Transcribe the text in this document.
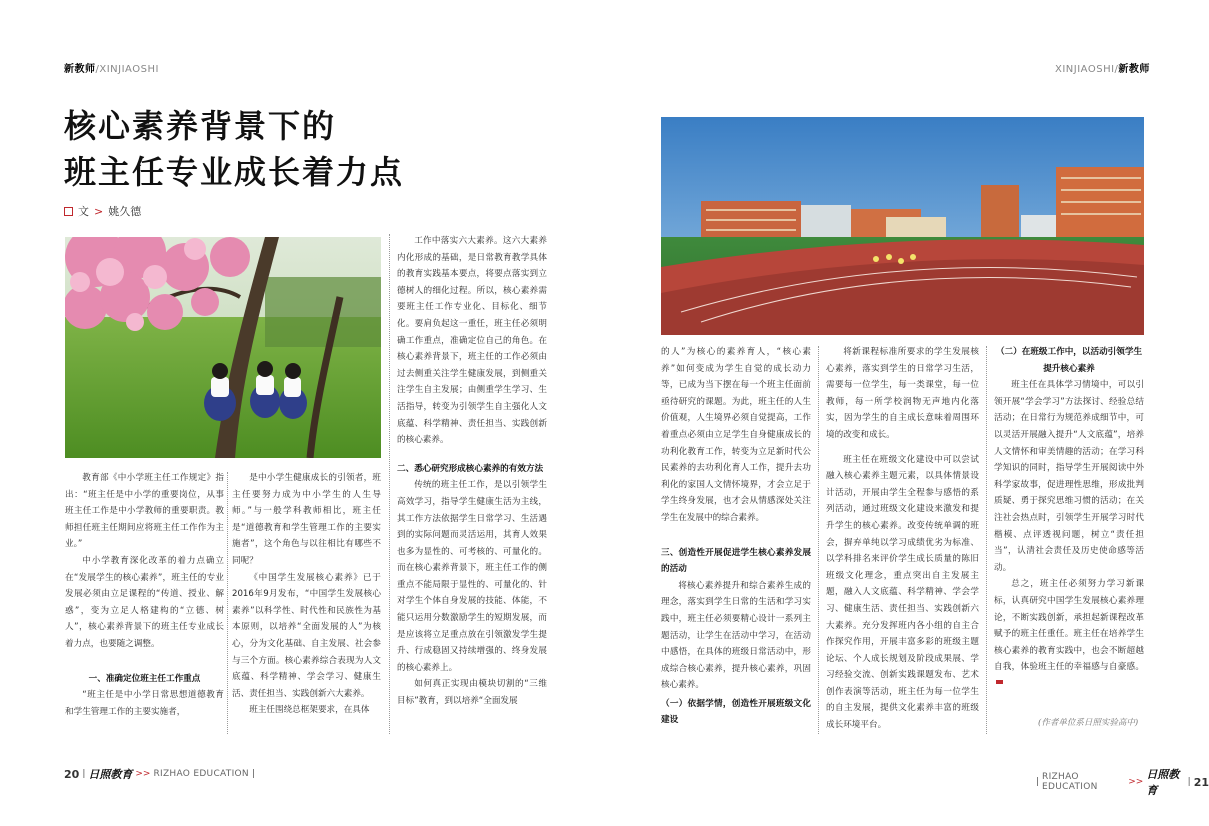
新教师/XINJIAOSHI	XINJIAOSHI/新教师
核心素养背景下的
班主任专业成长着力点
文 > 姚久德

教育部《中小学班主任工作规定》指出：“班主任是中小学的重要岗位，从事班主任工作是中小学教师的重要职责。教师担任班主任期间应将班主任工作作为主业。”

中小学教育深化改革的着力点确立在“发展学生的核心素养”，班主任的专业发展必须由立足课程的“传道、授业、解惑”，变为立足人格建构的“立德、树人”，核心素养背景下的班主任专业成长着力点，也要随之调整。

一、准确定位班主任工作重点

“班主任是中小学日常思想道德教育和学生管理工作的主要实施者，

是中小学生健康成长的引领者，班主任要努力成为中小学生的人生导师。”与一般学科教师相比，班主任是“道德教育和学生管理工作的主要实施者”，这个角色与以往相比有哪些不同呢？

《中国学生发展核心素养》已于2016年9月发布，“中国学生发展核心素养”以科学性、时代性和民族性为基本原则，以培养“全面发展的人”为核心，分为文化基础、自主发展、社会参与三个方面。核心素养综合表现为人文底蕴、科学精神、学会学习、健康生活、责任担当、实践创新六大素养。

班主任围绕总框架要求，在具体

工作中落实六大素养。这六大素养内化形成的基础，是日常教育教学具体的教育实践基本要点，将要点落实到立德树人的细化过程。所以，核心素养需要班主任工作专业化、目标化、细节化。要肩负起这一重任，班主任必须明确工作重点，准确定位自己的角色。在核心素养背景下，班主任的工作必须由过去侧重关注学生健康发展，到侧重关注学生自主发展；由侧重学生学习、生活指导，转变为引领学生自主强化人文底蕴、科学精神、责任担当、实践创新的核心素养。

二、悉心研究形成核心素养的有效方法

传统的班主任工作，是以引领学生高效学习，指导学生健康生活为主线，其工作方法依据学生日常学习、生活遇到的实际问题而灵活运用，其育人效果也多为显性的、可考核的、可量化的。而在核心素养背景下，班主任工作的侧重点不能局限于显性的、可量化的、针对学生个体自身发展的技能、体能，不能只运用分数激励学生的短期发展，而是应该将立足重点放在引领激发学生提升、行成稳固又持续增强的、终身发展的核心素养上。

如何真正实现由模块切割的“三维目标”教育，到以培养“全面发展

的人”为核心的素养育人，“核心素养”如何变成为学生自觉的成长动力等，已成为当下摆在每一个班主任面前亟待研究的课题。为此，班主任的人生价值观，人生境界必须自觉提高，工作着重点必须由立足学生自身健康成长的功利化教育工作，转变为立足新时代公民素养的去功利化育人工作，提升去功利化的家国人文情怀境界，才会立足于学生终身发展，也才会从情感深处关注学生在发展中的综合素养。

三、创造性开展促进学生核心素养发展的活动

将核心素养提升和综合素养生成的理念，落实到学生日常的生活和学习实践中，班主任必须要精心设计一系列主题活动，让学生在活动中学习，在活动中感悟，在具体的班级日常活动中，形成综合核心素养，提升核心素养，巩固核心素养。

（一）依据学情，创造性开展班级文化建设

将新课程标准所要求的学生发展核心素养，落实到学生的日常学习生活，需要每一位学生，每一类课堂，每一位教师，每一所学校润物无声地内化落实，因为学生的自主成长意味着周围环境的改变和成长。

班主任在班级文化建设中可以尝试融入核心素养主题元素，以具体情景设计活动，开展由学生全程参与感悟的系列活动，通过班级文化建设来激发和提升学生的核心素养。改变传统单调的班会，摒弃单纯以学习成绩优劣为标准、以学科排名来评价学生成长质量的陈旧班级文化理念，重点突出自主发展主题，融入人文底蕴、科学精神、学会学习、健康生活、责任担当、实践创新六大素养。充分发挥班内各小组的自主合作探究作用，开展丰富多彩的班级主题论坛、个人成长规划及阶段成果展、学习经验交流、创新实践课题发布、艺术创作表演等活动，班主任为每一位学生的自主发展，提供文化素养丰富的班级成长环境平台。

（二）在班级工作中，以活动引领学生提升核心素养

班主任在具体学习情境中，可以引领开展“学会学习”方法探讨、经验总结活动；在日常行为规范养成细节中，可以灵活开展融入提升“人文底蕴”，培养人文情怀和审美情趣的活动；在学习科学知识的同时，指导学生开展阅读中外科学家故事，促进理性思维，形成批判质疑、勇于探究思维习惯的活动；在关注社会热点时，引领学生开展学习时代楷模、点评透视问题，树立“责任担当”，认清社会责任及历史使命感等活动。

总之，班主任必须努力学习新课标，认真研究中国学生发展核心素养理论，不断实践创新，承担起新课程改革赋予的班主任重任。班主任在培养学生核心素养的教育实践中，也会不断超越自我，体验班主任的幸福感与自豪感。

(作者单位系日照实验高中)
20 | 日照教育 >> RIZHAO EDUCATION |
| RIZHAO EDUCATION	>>
日照教育
| 21
